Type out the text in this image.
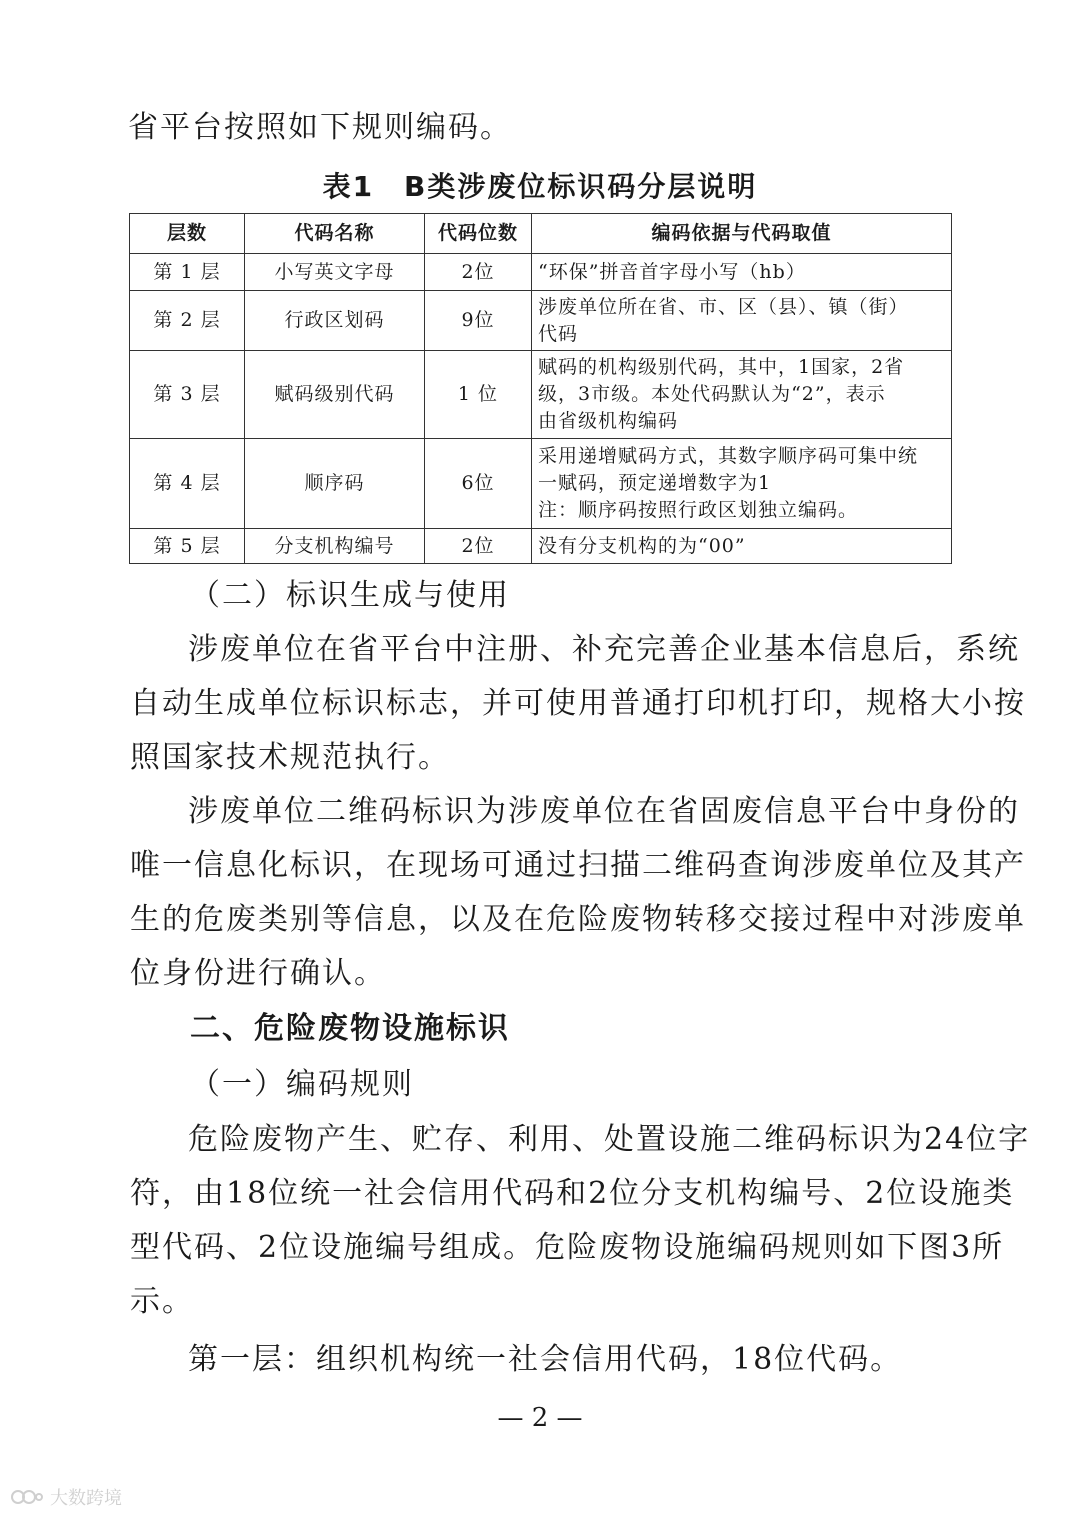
省平台按照如下规则编码。
表1　B类涉废位标识码分层说明
层数	代码名称	代码位数	编码依据与代码取值
第 1 层	小写英文字母	2位	“环保”拼音首字母小写（hb）

第 2 层	行政区划码	9位	涉废单位所在省、市、区（县）、镇（街）
代码

第 3 层	赋码级别代码	1 位	赋码的机构级别代码，其中，1国家，2省
级，3市级。本处代码默认为“2”，表示
由省级机构编码

第 4 层	顺序码	6位	采用递增赋码方式，其数字顺序码可集中统
一赋码，预定递增数字为1
注：顺序码按照行政区划独立编码。

第 5 层	分支机构编号	2位	没有分支机构的为“00”
（二）标识生成与使用
涉废单位在省平台中注册、补充完善企业基本信息后，系统
自动生成单位标识标志，并可使用普通打印机打印，规格大小按
照国家技术规范执行。
涉废单位二维码标识为涉废单位在省固废信息平台中身份的
唯一信息化标识，在现场可通过扫描二维码查询涉废单位及其产
生的危废类别等信息，以及在危险废物转移交接过程中对涉废单
位身份进行确认。
二、危险废物设施标识
（一）编码规则
危险废物产生、贮存、利用、处置设施二维码标识为24位字
符，由18位统一社会信用代码和2位分支机构编号、2位设施类
型代码、2位设施编号组成。危险废物设施编码规则如下图3所
示。
第一层：组织机构统一社会信用代码，18位代码。
— 2 —
大数跨境
